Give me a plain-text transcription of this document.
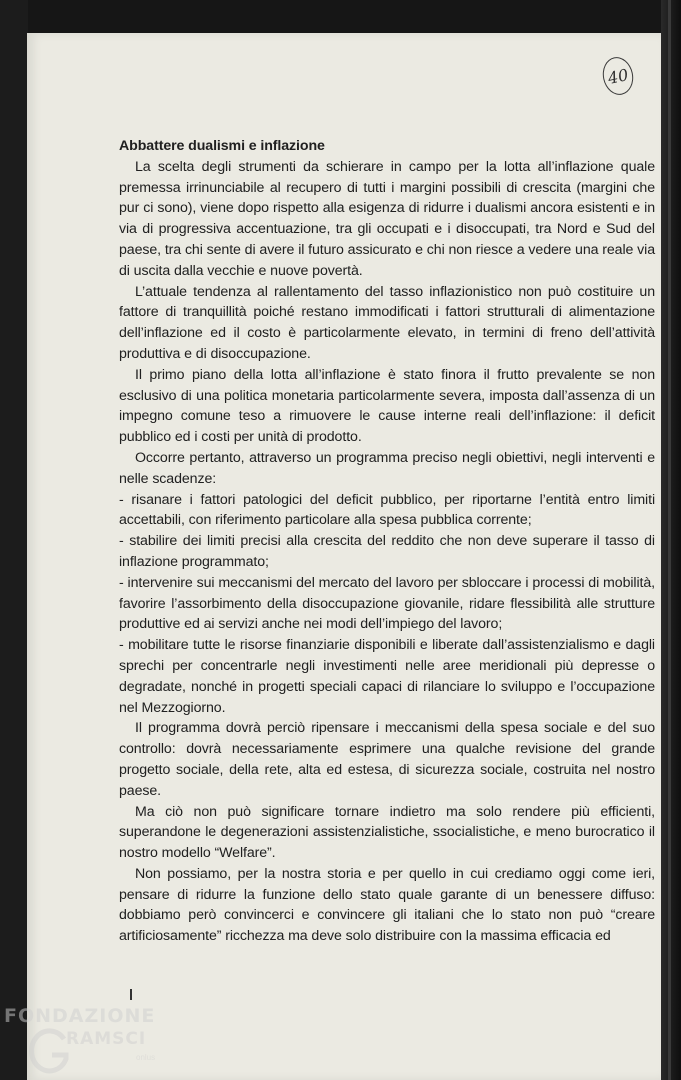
40

Abbattere dualismi e inflazione

La scelta degli strumenti da schierare in campo per la lotta all’inflazione quale premessa irrinunciabile al recupero di tutti i margini possibili di crescita (margini che pur ci sono), viene dopo rispetto alla esigenza di ridurre i dualismi ancora esistenti e in via di progressiva accentuazione, tra gli occupati e i disoccupati, tra Nord e Sud del paese, tra chi sente di avere il futuro assicurato e chi non riesce a vedere una reale via di uscita dalla vecchie e nuove povertà.

L’attuale tendenza al rallentamento del tasso inflazionistico non può costituire un fattore di tranquillità poiché restano immodificati i fattori strutturali di alimentazione dell’inflazione ed il costo è particolarmente elevato, in termini di freno dell’attività produttiva e di disoccupazione.

Il primo piano della lotta all’inflazione è stato finora il frutto prevalente se non esclusivo di una politica monetaria particolarmente severa, imposta dall’assenza di un impegno comune teso a rimuovere le cause interne reali dell’inflazione: il deficit pubblico ed i costi per unità di prodotto.

Occorre pertanto, attraverso un programma preciso negli obiettivi, negli interventi e nelle scadenze:

- risanare i fattori patologici del deficit pubblico, per riportarne l’entità entro limiti accettabili, con riferimento particolare alla spesa pubblica corrente;

- stabilire dei limiti precisi alla crescita del reddito che non deve superare il tasso di inflazione programmato;

- intervenire sui meccanismi del mercato del lavoro per sbloccare i processi di mobilità, favorire l’assorbimento della disoccupazione giovanile, ridare flessibilità alle strutture produttive ed ai servizi anche nei modi dell’impiego del lavoro;

- mobilitare tutte le risorse finanziarie disponibili e liberate dall’assistenzialismo e dagli sprechi per concentrarle negli investimenti nelle aree meridionali più depresse o degradate, nonché in progetti speciali capaci di rilanciare lo sviluppo e l’occupazione nel Mezzogiorno.

Il programma dovrà perciò ripensare i meccanismi della spesa sociale e del suo controllo: dovrà necessariamente esprimere una qualche revisione del grande progetto sociale, della rete, alta ed estesa, di sicurezza sociale, costruita nel nostro paese.

Ma ciò non può significare tornare indietro ma solo rendere più efficienti, superandone le degenerazioni assistenzialistiche, ssocialistiche, e meno burocratico il nostro modello “Welfare”.

Non possiamo, per la nostra storia e per quello in cui crediamo oggi come ieri, pensare di ridurre la funzione dello stato quale garante di un benessere diffuso: dobbiamo però convincerci e convincere gli italiani che lo stato non può “creare artificiosamente” ricchezza ma deve solo distribuire con la massima efficacia ed

FONDAZIONE
RAMSCI
onlus
